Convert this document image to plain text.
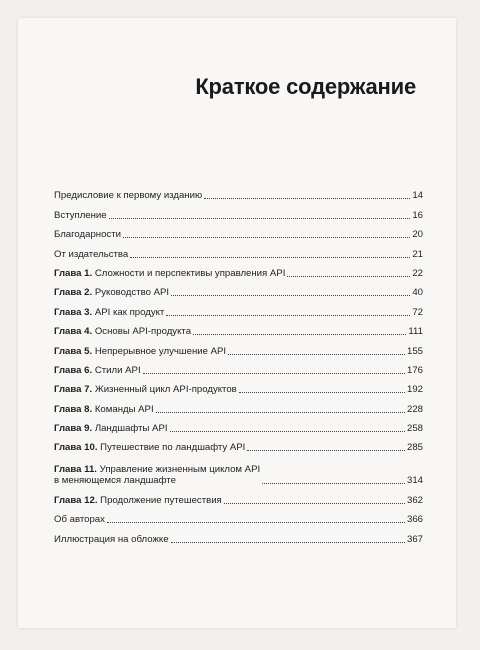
Краткое содержание
Предисловие к первому изданию	14
Вступление	16
Благодарности	20
От издательства	21
Глава 1. Сложности и перспективы управления API	22
Глава 2. Руководство API	40
Глава 3. API как продукт	72
Глава 4. Основы API-продукта	111
Глава 5. Непрерывное улучшение API	155
Глава 6. Стили API	176
Глава 7. Жизненный цикл API-продуктов	192
Глава 8. Команды API	228
Глава 9. Ландшафты API	258
Глава 10. Путешествие по ландшафту API	285
Глава 11. Управление жизненным циклом API
в меняющемся ландшафте	314
Глава 12. Продолжение путешествия	362
Об авторах	366
Иллюстрация на обложке	367
